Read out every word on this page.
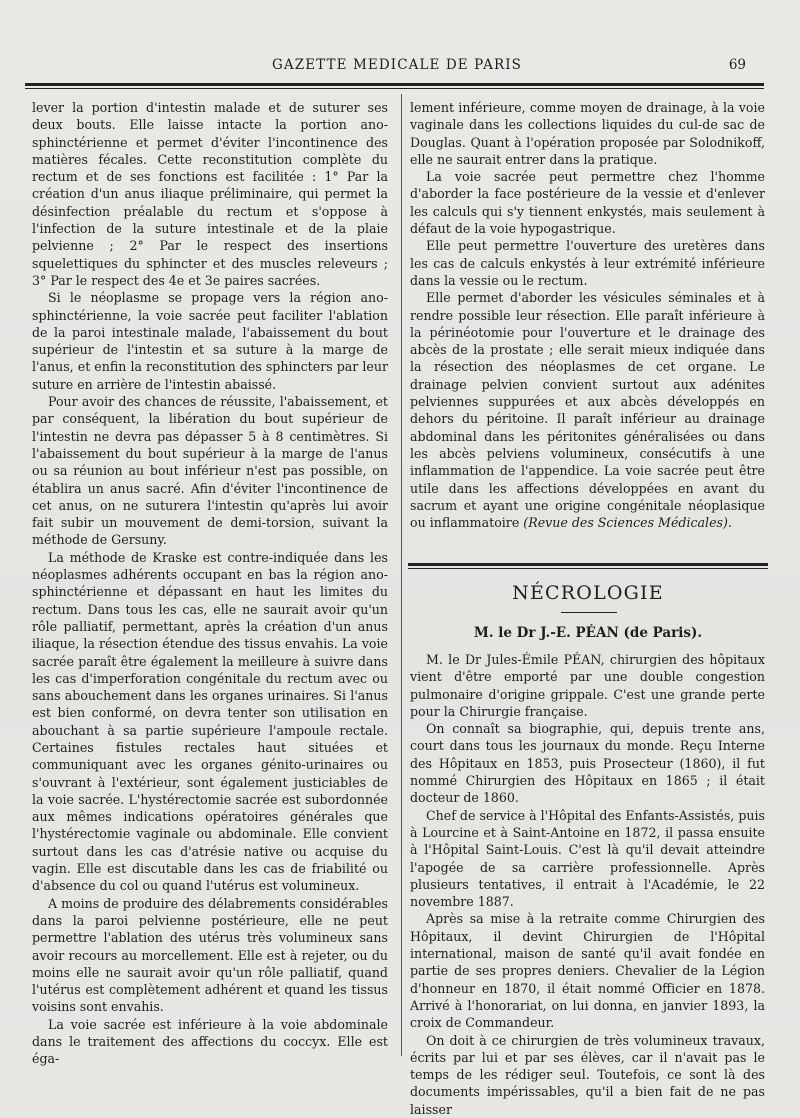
GAZETTE MEDICALE DE PARIS	69

lever la portion d'intestin malade et de suturer ses deux bouts. Elle laisse intacte la portion ano-sphinctérienne et permet d'éviter l'incontinence des matières fécales. Cette reconstitution complète du rectum et de ses fonctions est facilitée : 1° Par la création d'un anus iliaque préliminaire, qui permet la désinfection préalable du rectum et s'oppose à l'infection de la suture intestinale et de la plaie pelvienne ; 2° Par le respect des insertions squelettiques du sphincter et des muscles releveurs ; 3° Par le respect des 4e et 3e paires sacrées.

Si le néoplasme se propage vers la région ano-sphinctérienne, la voie sacrée peut faciliter l'ablation de la paroi intestinale malade, l'abaissement du bout supérieur de l'intestin et sa suture à la marge de l'anus, et enfin la reconstitution des sphincters par leur suture en arrière de l'intestin abaissé.

Pour avoir des chances de réussite, l'abaissement, et par conséquent, la libération du bout supérieur de l'intestin ne devra pas dépasser 5 à 8 centimètres. Si l'abaissement du bout supérieur à la marge de l'anus ou sa réunion au bout inférieur n'est pas possible, on établira un anus sacré. Afin d'éviter l'incontinence de cet anus, on ne suturera l'intestin qu'après lui avoir fait subir un mouvement de demi-torsion, suivant la méthode de Gersuny.

La méthode de Kraske est contre-indiquée dans les néoplasmes adhérents occupant en bas la région ano-sphinctérienne et dépassant en haut les limites du rectum. Dans tous les cas, elle ne saurait avoir qu'un rôle palliatif, permettant, après la création d'un anus iliaque, la résection étendue des tissus envahis. La voie sacrée paraît être également la meilleure à suivre dans les cas d'imperforation congénitale du rectum avec ou sans abouchement dans les organes urinaires. Si l'anus est bien conformé, on devra tenter son utilisation en abouchant à sa partie supérieure l'ampoule rectale. Certaines fistules rectales haut situées et communiquant avec les organes génito-urinaires ou s'ouvrant à l'extérieur, sont également justiciables de la voie sacrée. L'hystérectomie sacrée est subordonnée aux mêmes indications opératoires générales que l'hystérectomie vaginale ou abdominale. Elle convient surtout dans les cas d'atrésie native ou acquise du vagin. Elle est discutable dans les cas de friabilité ou d'absence du col ou quand l'utérus est volumineux.

A moins de produire des délabrements considérables dans la paroi pelvienne postérieure, elle ne peut permettre l'ablation des utérus très volumineux sans avoir recours au morcellement. Elle est à rejeter, ou du moins elle ne saurait avoir qu'un rôle palliatif, quand l'utérus est complètement adhérent et quand les tissus voisins sont envahis.

La voie sacrée est inférieure à la voie abdominale dans le traitement des affections du coccyx. Elle est éga-

lement inférieure, comme moyen de drainage, à la voie vaginale dans les collections liquides du cul-de sac de Douglas. Quant à l'opération proposée par Solodnikoff, elle ne saurait entrer dans la pratique.

La voie sacrée peut permettre chez l'homme d'aborder la face postérieure de la vessie et d'enlever les calculs qui s'y tiennent enkystés, mais seulement à défaut de la voie hypogastrique.

Elle peut permettre l'ouverture des uretères dans les cas de calculs enkystés à leur extrémité inférieure dans la vessie ou le rectum.

Elle permet d'aborder les vésicules séminales et à rendre possible leur résection. Elle paraît inférieure à la périnéotomie pour l'ouverture et le drainage des abcès de la prostate ; elle serait mieux indiquée dans la résection des néoplasmes de cet organe. Le drainage pelvien convient surtout aux adénites pelviennes suppurées et aux abcès développés en dehors du péritoine. Il paraît inférieur au drainage abdominal dans les péritonites généralisées ou dans les abcès pelviens volumineux, consécutifs à une inflammation de l'appendice. La voie sacrée peut être utile dans les affections développées en avant du sacrum et ayant une origine congénitale néoplasique ou inflammatoire (Revue des Sciences Médicales).

NÉCROLOGIE
M. le Dr J.-E. PÉAN (de Paris).

M. le Dr Jules-Émile PÉAN, chirurgien des hôpitaux vient d'être emporté par une double congestion pulmonaire d'origine grippale. C'est une grande perte pour la Chirurgie française.

On connaît sa biographie, qui, depuis trente ans, court dans tous les journaux du monde. Reçu Interne des Hôpitaux en 1853, puis Prosecteur (1860), il fut nommé Chirurgien des Hôpitaux en 1865 ; il était docteur de 1860.

Chef de service à l'Hôpital des Enfants-Assistés, puis à Lourcine et à Saint-Antoine en 1872, il passa ensuite à l'Hôpital Saint-Louis. C'est là qu'il devait atteindre l'apogée de sa carrière professionnelle. Après plusieurs tentatives, il entrait à l'Académie, le 22 novembre 1887.

Après sa mise à la retraite comme Chirurgien des Hôpitaux, il devint Chirurgien de l'Hôpital international, maison de santé qu'il avait fondée en partie de ses propres deniers. Chevalier de la Légion d'honneur en 1870, il était nommé Officier en 1878. Arrivé à l'honorariat, on lui donna, en janvier 1893, la croix de Commandeur.

On doit à ce chirurgien de très volumineux travaux, écrits par lui et par ses élèves, car il n'avait pas le temps de les rédiger seul. Toutefois, ce sont là des documents impérissables, qu'il a bien fait de ne pas laisser
